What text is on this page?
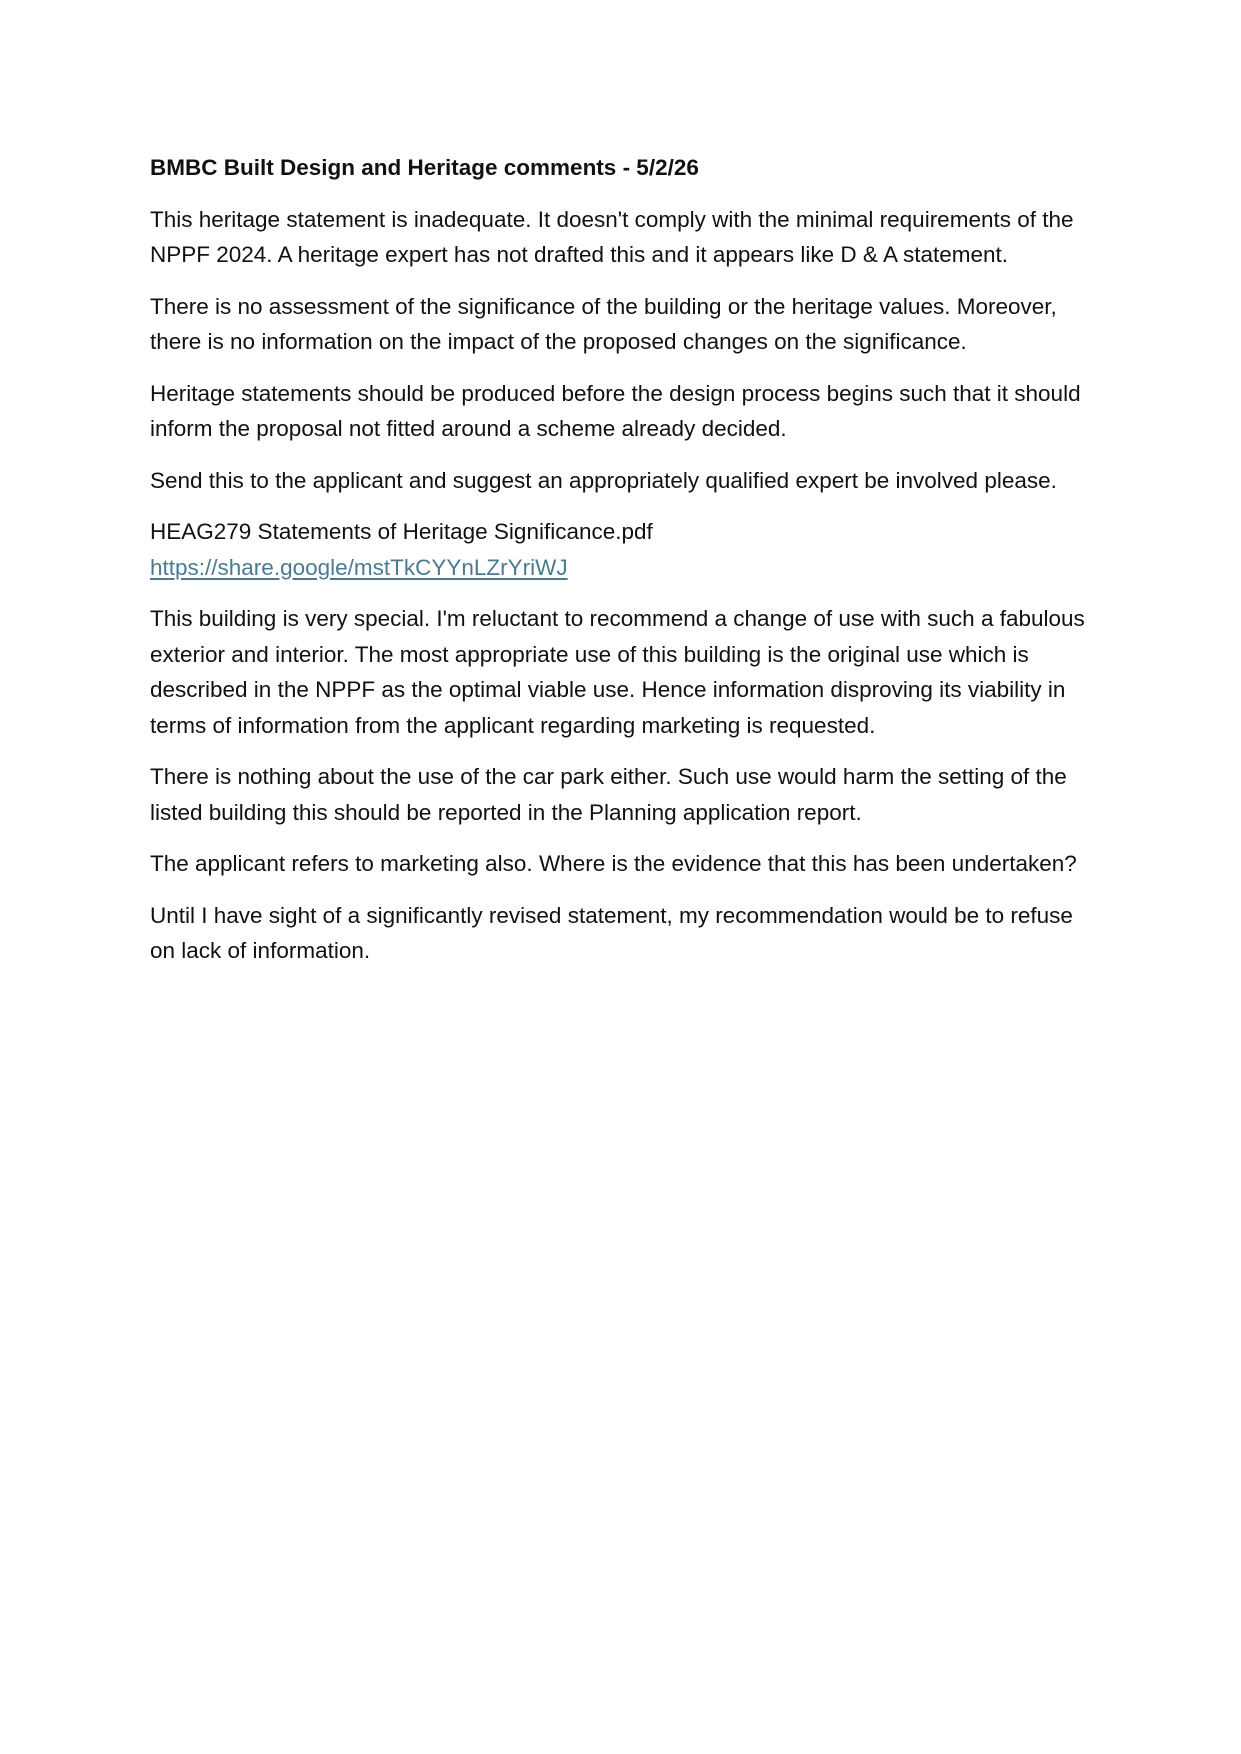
BMBC Built Design and Heritage comments - 5/2/26

This heritage statement is inadequate. It doesn't comply with the minimal requirements of the NPPF 2024. A heritage expert has not drafted this and it appears like D & A statement.

There is no assessment of the significance of the building or the heritage values. Moreover, there is no information on the impact of the proposed changes on the significance.

Heritage statements should be produced before the design process begins such that it should inform the proposal not fitted around a scheme already decided.

Send this to the applicant and suggest an appropriately qualified expert be involved please.

HEAG279 Statements of Heritage Significance.pdf
https://share.google/mstTkCYYnLZrYriWJ

This building is very special. I'm reluctant to recommend a change of use with such a fabulous exterior and interior. The most appropriate use of this building is the original use which is described in the NPPF as the optimal viable use. Hence information disproving its viability in terms of information from the applicant regarding marketing is requested.

There is nothing about the use of the car park either. Such use would harm the setting of the listed building this should be reported in the Planning application report.

The applicant refers to marketing also. Where is the evidence that this has been undertaken?

Until I have sight of a significantly revised statement, my recommendation would be to refuse on lack of information.
